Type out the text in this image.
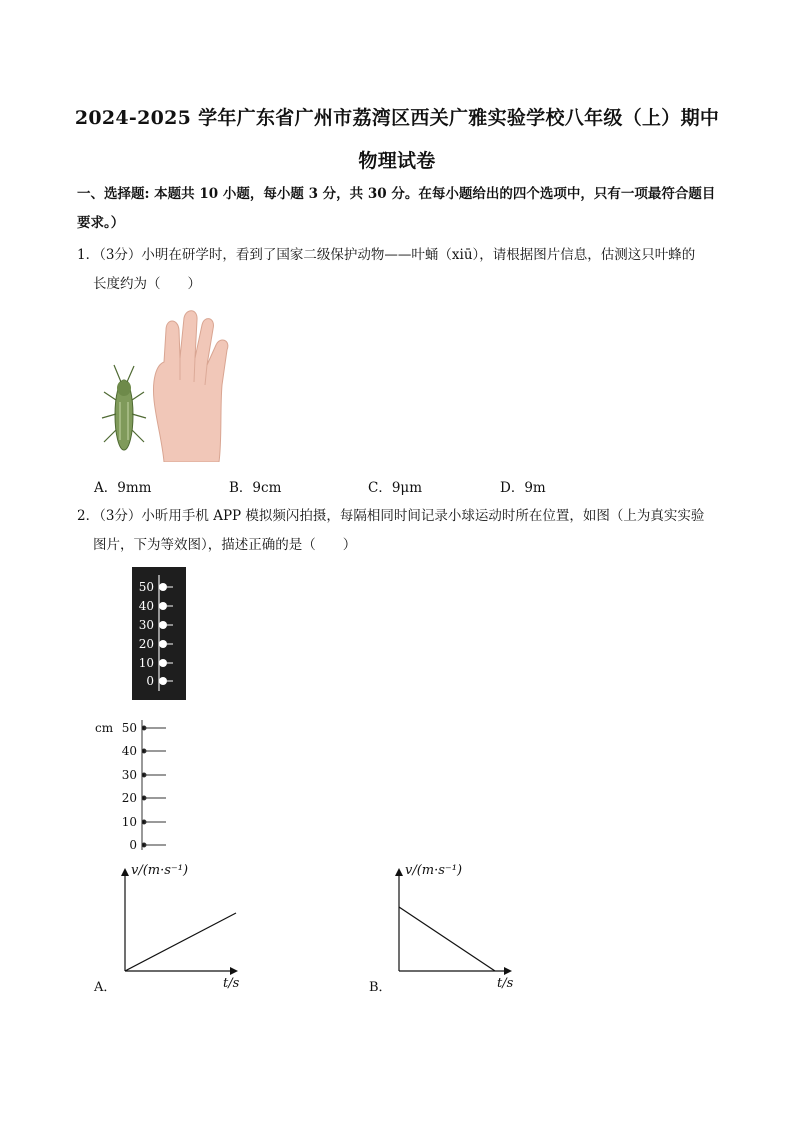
2024-2025 学年广东省广州市荔湾区西关广雅实验学校八年级（上）期中
物理试卷
一、选择题: 本题共 10 小题，每小题 3 分，共 30 分。在每小题给出的四个选项中，只有一项最符合题目
要求。）
1．（3分）小明在研学时，看到了国家二级保护动物——叶蛹（xiū），请根据图片信息，估测这只叶蜂的
长度约为（　　）
A．9mm	B．9cm	C．9μm	D．9m
2．（3分）小昕用手机 APP 模拟频闪拍摄，每隔相同时间记录小球运动时所在位置，如图（上为真实实验
图片，下为等效图），描述正确的是（　　）
50
40
30
20
10
0
cm 50
40
30
20
10
0
A．
v/(m·s⁻¹)
t/s	B．
v/(m·s⁻¹)
t/s
